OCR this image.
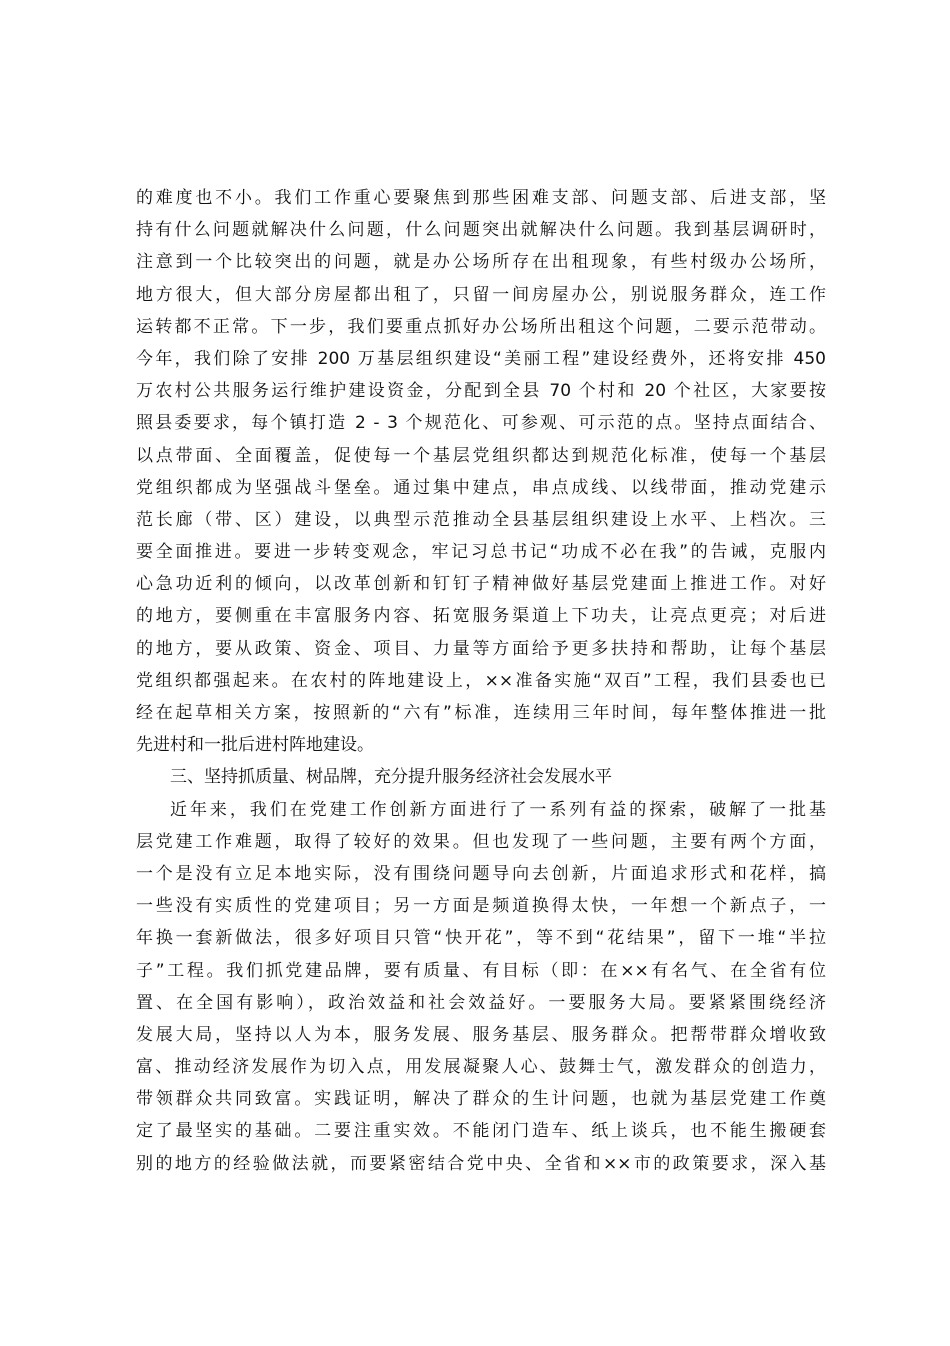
的难度也不小。我们工作重心要聚焦到那些困难支部、问题支部、后进支部，坚
持有什么问题就解决什么问题，什么问题突出就解决什么问题。我到基层调研时，
注意到一个比较突出的问题，就是办公场所存在出租现象，有些村级办公场所，
地方很大，但大部分房屋都出租了，只留一间房屋办公，别说服务群众，连工作
运转都不正常。下一步，我们要重点抓好办公场所出租这个问题，二要示范带动。
今年，我们除了安排 200 万基层组织建设“美丽工程”建设经费外，还将安排 450
万农村公共服务运行维护建设资金，分配到全县 70 个村和 20 个社区，大家要按
照县委要求，每个镇打造 2 - 3 个规范化、可参观、可示范的点。坚持点面结合、
以点带面、全面覆盖，促使每一个基层党组织都达到规范化标准，使每一个基层
党组织都成为坚强战斗堡垒。通过集中建点，串点成线、以线带面，推动党建示
范长廊（带、区）建设，以典型示范推动全县基层组织建设上水平、上档次。三
要全面推进。要进一步转变观念，牢记习总书记“功成不必在我”的告诫，克服内
心急功近利的倾向，以改革创新和钉钉子精神做好基层党建面上推进工作。对好
的地方，要侧重在丰富服务内容、拓宽服务渠道上下功夫，让亮点更亮；对后进
的地方，要从政策、资金、项目、力量等方面给予更多扶持和帮助，让每个基层
党组织都强起来。在农村的阵地建设上，××准备实施“双百”工程，我们县委也已
经在起草相关方案，按照新的“六有”标准，连续用三年时间，每年整体推进一批
先进村和一批后进村阵地建设。
三、坚持抓质量、树品牌，充分提升服务经济社会发展水平
近年来，我们在党建工作创新方面进行了一系列有益的探索，破解了一批基
层党建工作难题，取得了较好的效果。但也发现了一些问题，主要有两个方面，
一个是没有立足本地实际，没有围绕问题导向去创新，片面追求形式和花样，搞
一些没有实质性的党建项目；另一方面是频道换得太快，一年想一个新点子，一
年换一套新做法，很多好项目只管“快开花”，等不到“花结果”，留下一堆“半拉
子”工程。我们抓党建品牌，要有质量、有目标（即：在××有名气、在全省有位
置、在全国有影响），政治效益和社会效益好。一要服务大局。要紧紧围绕经济
发展大局，坚持以人为本，服务发展、服务基层、服务群众。把帮带群众增收致
富、推动经济发展作为切入点，用发展凝聚人心、鼓舞士气，激发群众的创造力，
带领群众共同致富。实践证明，解决了群众的生计问题，也就为基层党建工作奠
定了最坚实的基础。二要注重实效。不能闭门造车、纸上谈兵，也不能生搬硬套
别的地方的经验做法就，而要紧密结合党中央、全省和××市的政策要求，深入基
